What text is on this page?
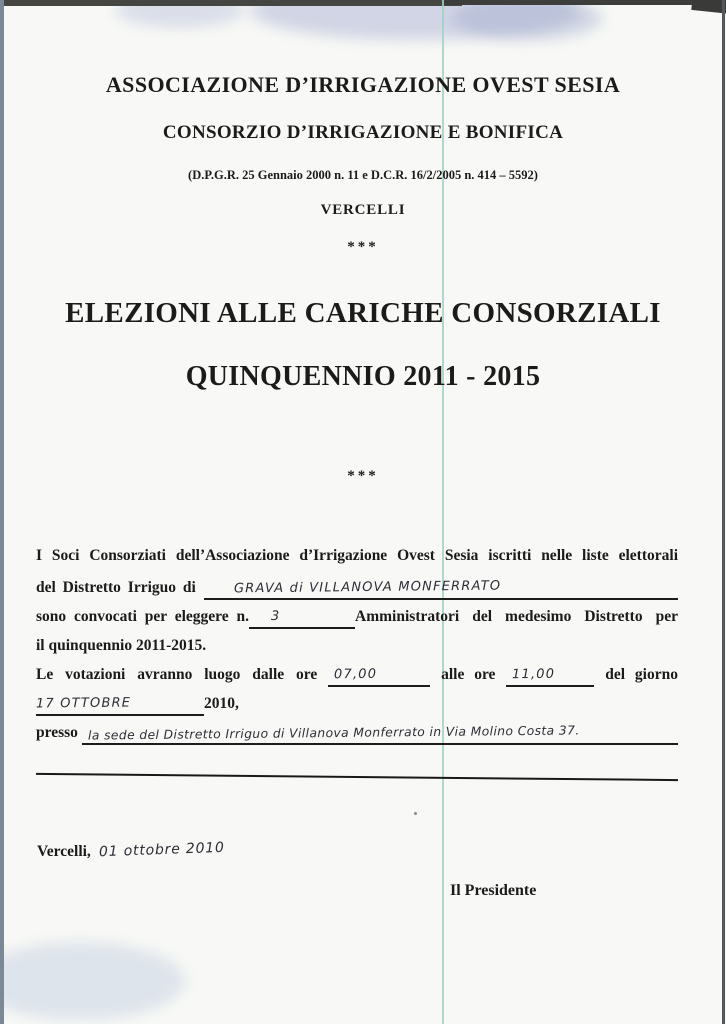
ASSOCIAZIONE D’IRRIGAZIONE OVEST SESIA
CONSORZIO D’IRRIGAZIONE E BONIFICA
(D.P.G.R. 25 Gennaio 2000 n. 11 e D.C.R. 16/2/2005 n. 414 – 5592)
VERCELLI
***
ELEZIONI ALLE CARICHE CONSORZIALI
QUINQUENNIO 2011 - 2015
***
I Soci Consorziati dell’Associazione d’Irrigazione Ovest Sesia iscritti nelle liste elettorali
del Distretto Irriguo di	GRAVA di VILLANOVA MONFERRATO
sono convocati per eleggere n. 3	Amministratori del medesimo Distretto per
il quinquennio 2011-2015.
Le votazioni avranno luogo dalle ore 07,00	alle ore 11,00	del giorno
17 OTTOBRE	2010,
presso la sede del Distretto Irriguo di Villanova Monferrato in Via Molino Costa 37.
Vercelli, 01 ottobre 2010
Il Presidente
